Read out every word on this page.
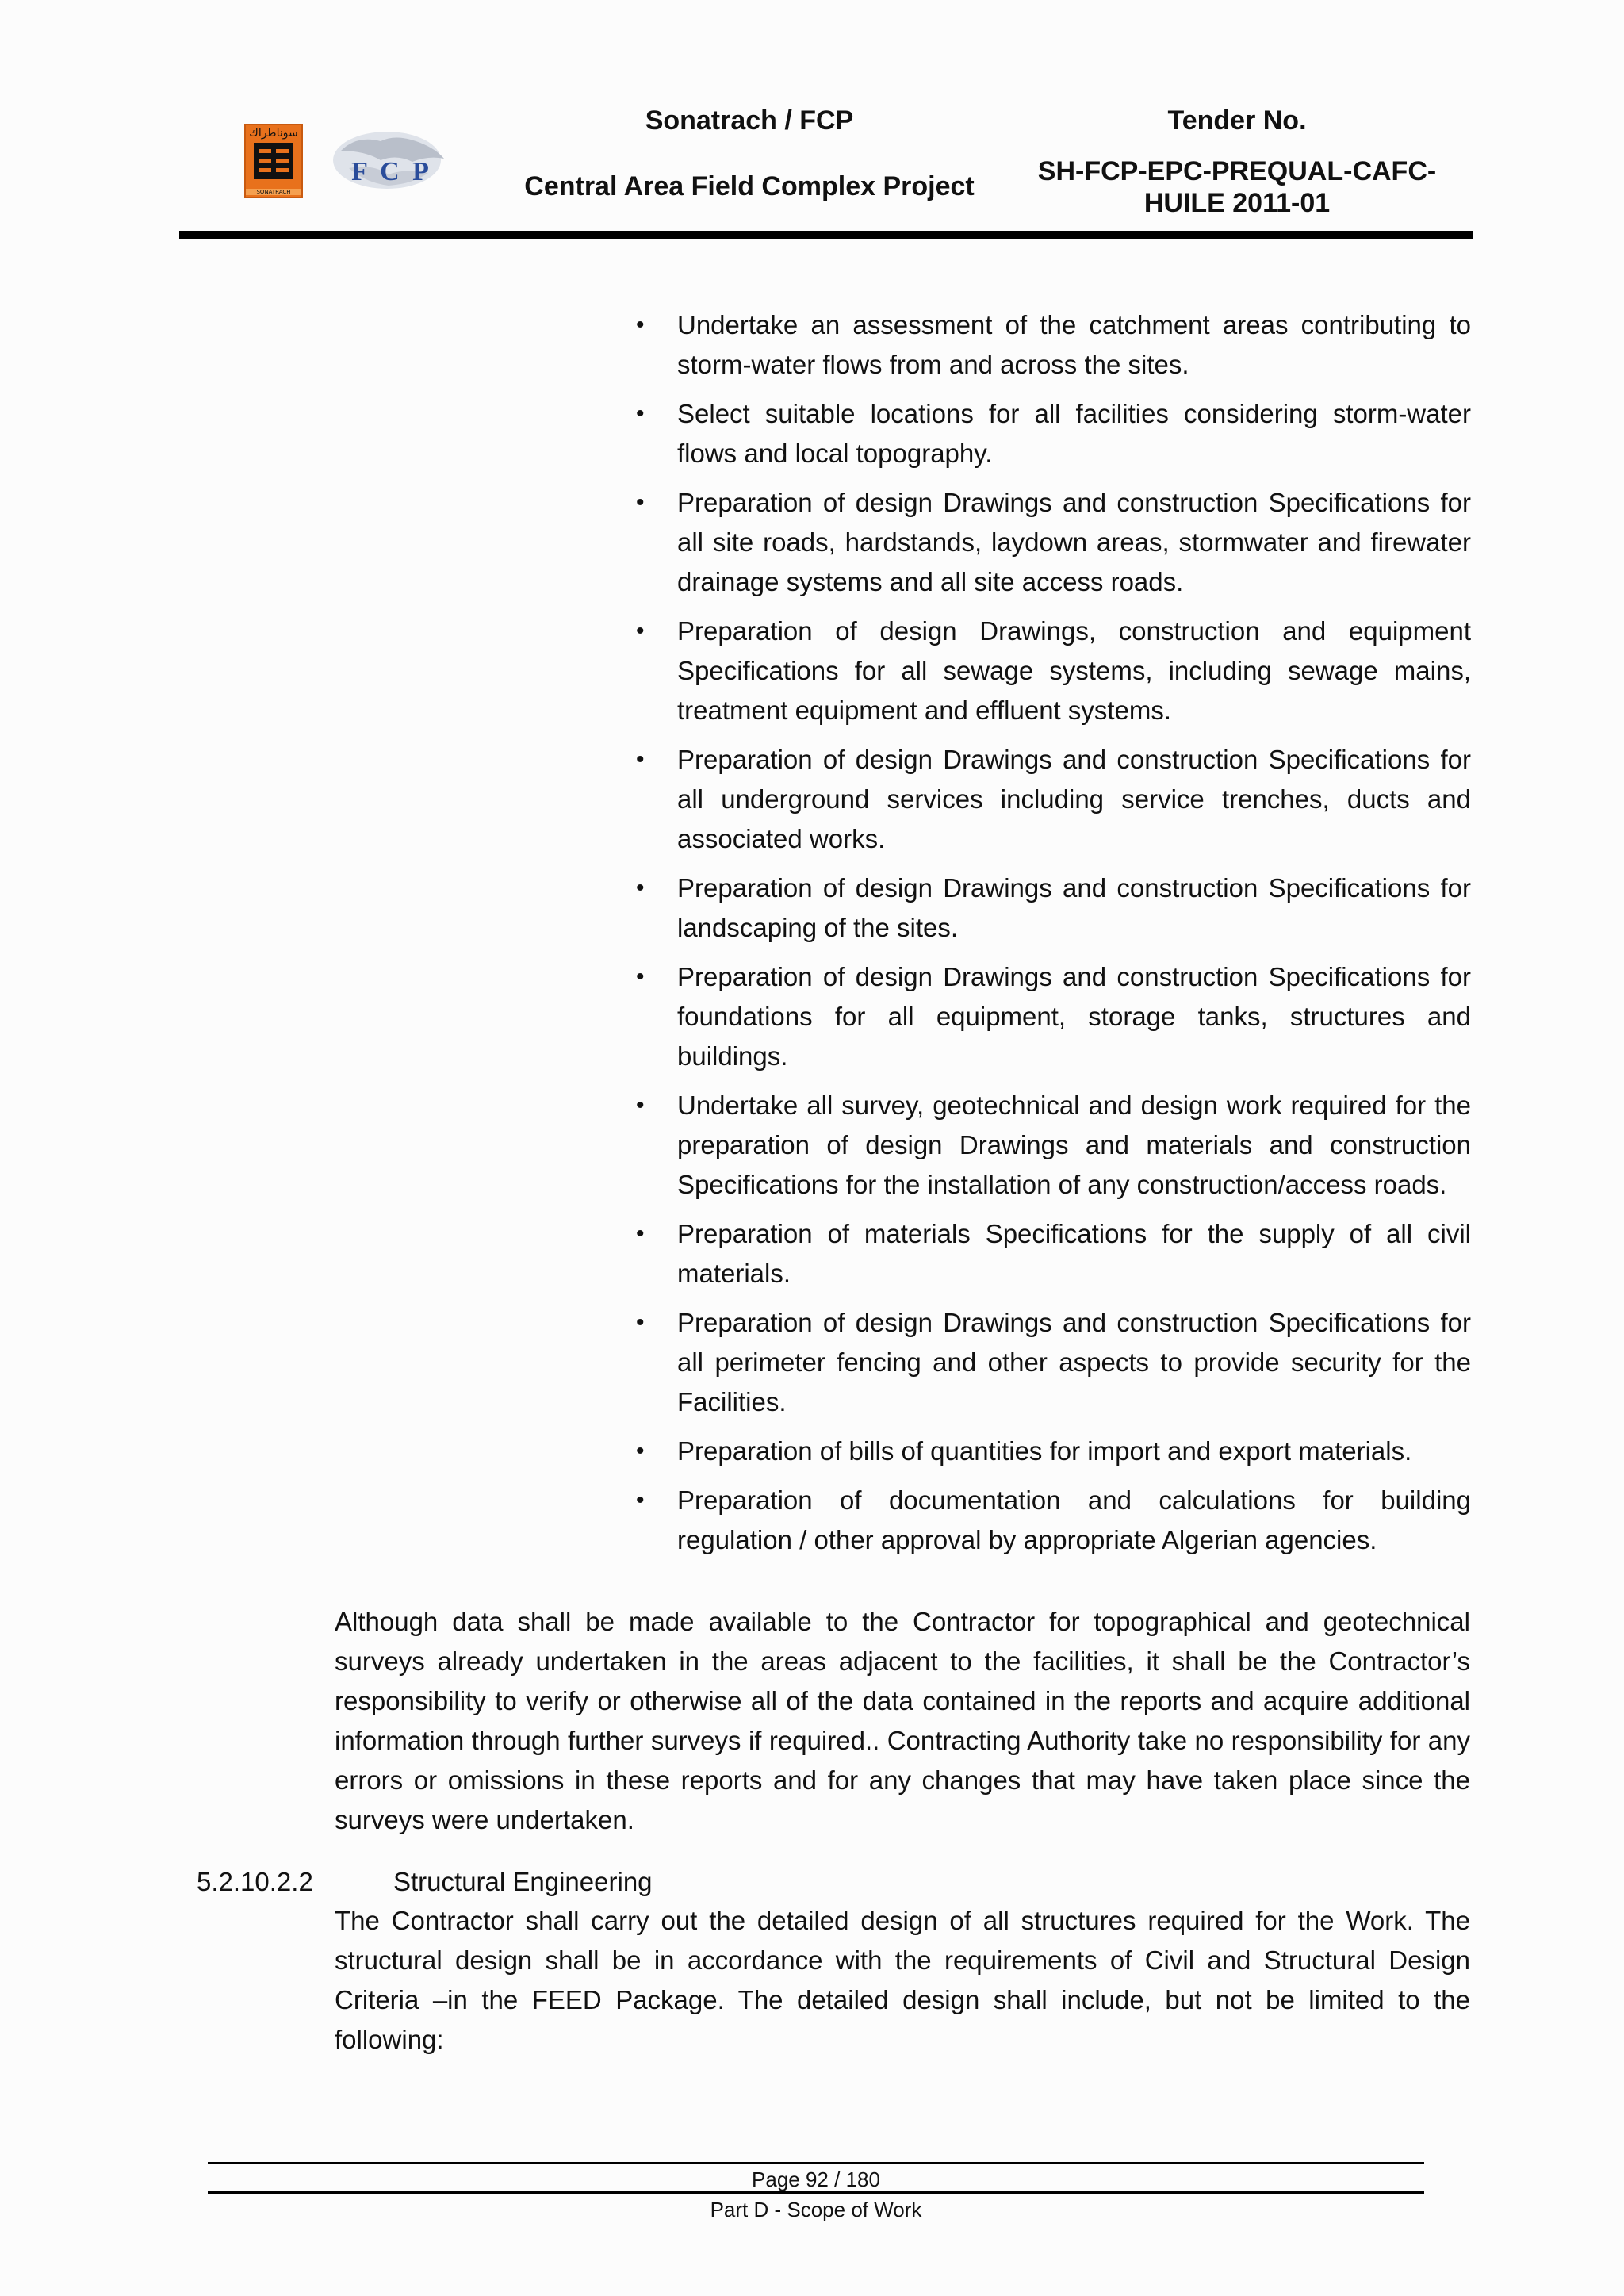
سوناطراك
SONATRACH
F C P
Sonatrach / FCP
Central Area Field Complex Project
Tender No.
SH-FCP-EPC-PREQUAL-CAFC-
HUILE 2011-01
• Undertake an assessment of the catchment areas contributing to storm-water flows from and across the sites.
• Select suitable locations for all facilities considering storm-water flows and local topography.
• Preparation of design Drawings and construction Specifications for all site roads, hardstands, laydown areas, stormwater and firewater drainage systems and all site access roads.
• Preparation of design Drawings, construction and equipment Specifications for all sewage systems, including sewage mains, treatment equipment and effluent systems.
• Preparation of design Drawings and construction Specifications for all underground services including service trenches, ducts and associated works.
• Preparation of design Drawings and construction Specifications for landscaping of the sites.
• Preparation of design Drawings and construction Specifications for foundations for all equipment, storage tanks, structures and buildings.
• Undertake all survey, geotechnical and design work required for the preparation of design Drawings and materials and construction Specifications for the installation of any construction/access roads.
• Preparation of materials Specifications for the supply of all civil materials.
• Preparation of design Drawings and construction Specifications for all perimeter fencing and other aspects to provide security for the Facilities.
• Preparation of bills of quantities for import and export materials.
• Preparation of documentation and calculations for building regulation / other approval by appropriate Algerian agencies.
Although data shall be made available to the Contractor for topographical and geotechnical surveys already undertaken in the areas adjacent to the facilities, it shall be the Contractor’s responsibility to verify or otherwise all of the data contained in the reports and acquire additional information through further surveys if required.. Contracting Authority take no responsibility for any errors or omissions in these reports and for any changes that may have taken place since the surveys were undertaken.
5.2.10.2.2	Structural Engineering
The Contractor shall carry out the detailed design of all structures required for the Work. The structural design shall be in accordance with the requirements of Civil and Structural Design Criteria –in the FEED Package. The detailed design shall include, but not be limited to the following:
Page 92 / 180
Part D - Scope of Work
